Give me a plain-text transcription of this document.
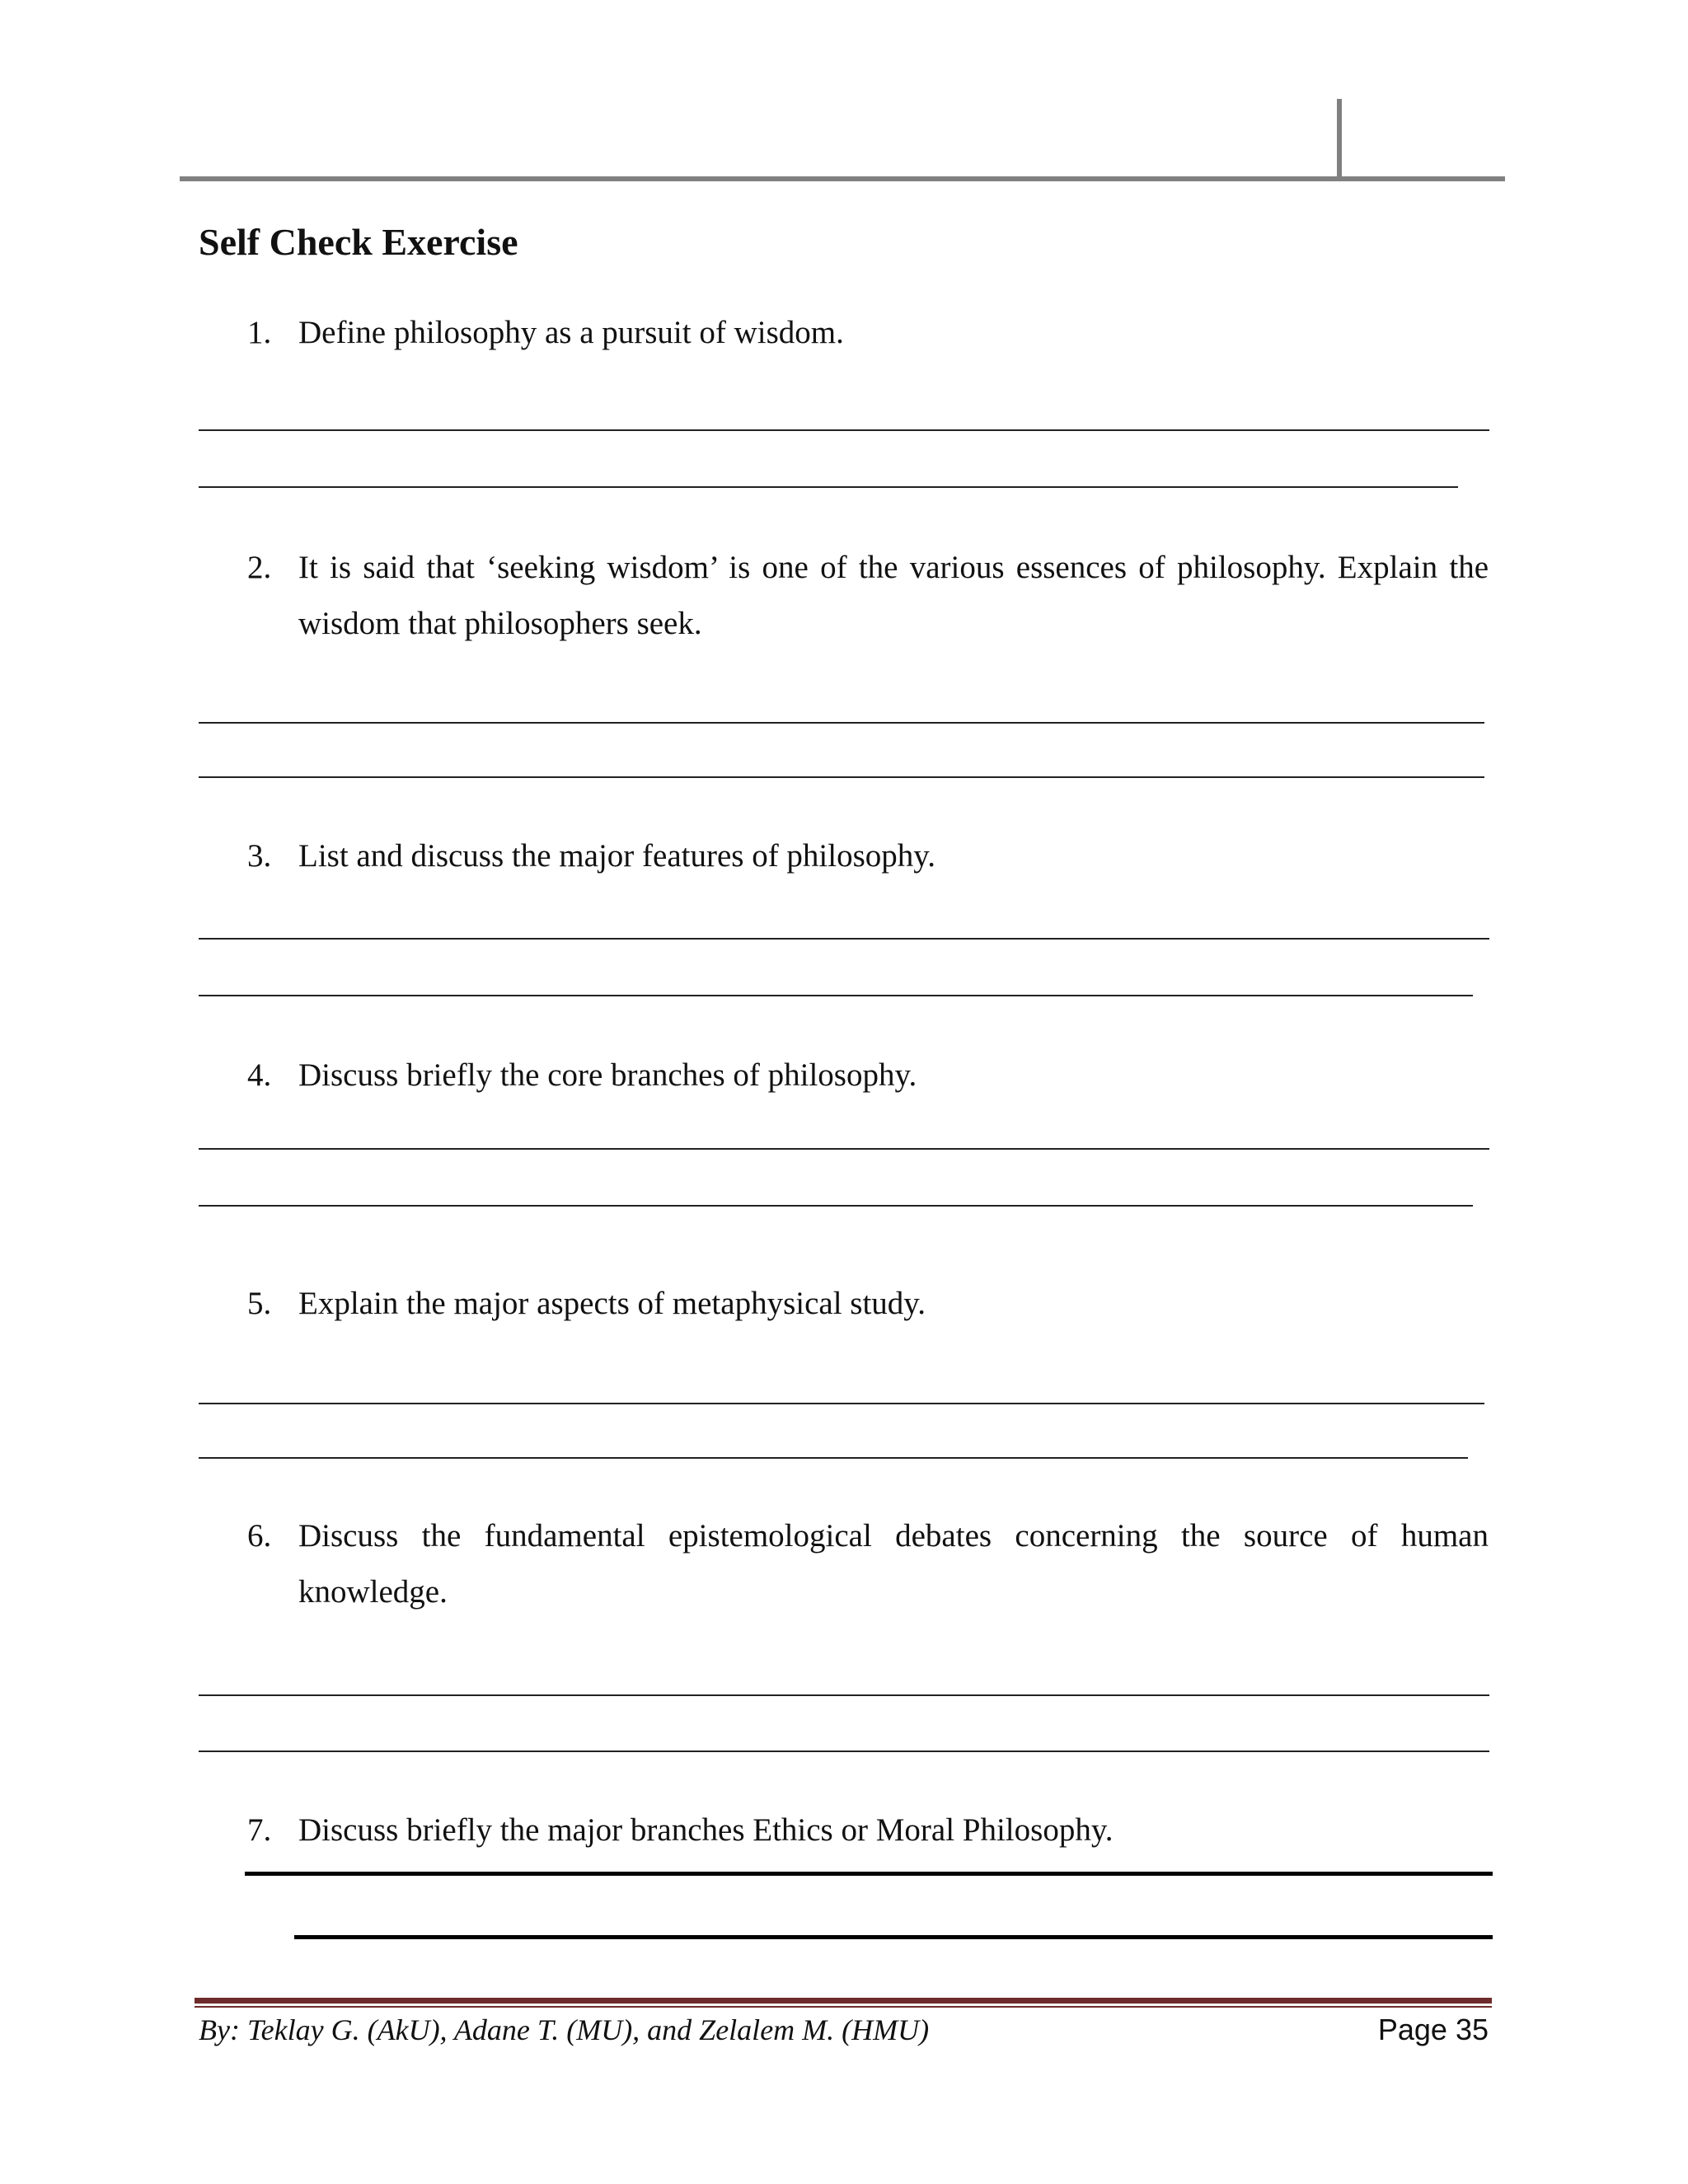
Self Check Exercise
1. Define philosophy as a pursuit of wisdom.
2. It is said that ‘seeking wisdom’ is one of the various essences of philosophy. Explain the wisdom that philosophers seek.
3. List and discuss the major features of philosophy.
4. Discuss briefly the core branches of philosophy.
5. Explain the major aspects of metaphysical study.
6. Discuss the fundamental epistemological debates concerning the source of human knowledge.
7. Discuss briefly the major branches Ethics or Moral Philosophy.
By: Teklay G. (AkU), Adane T. (MU), and Zelalem M. (HMU)	Page 35
